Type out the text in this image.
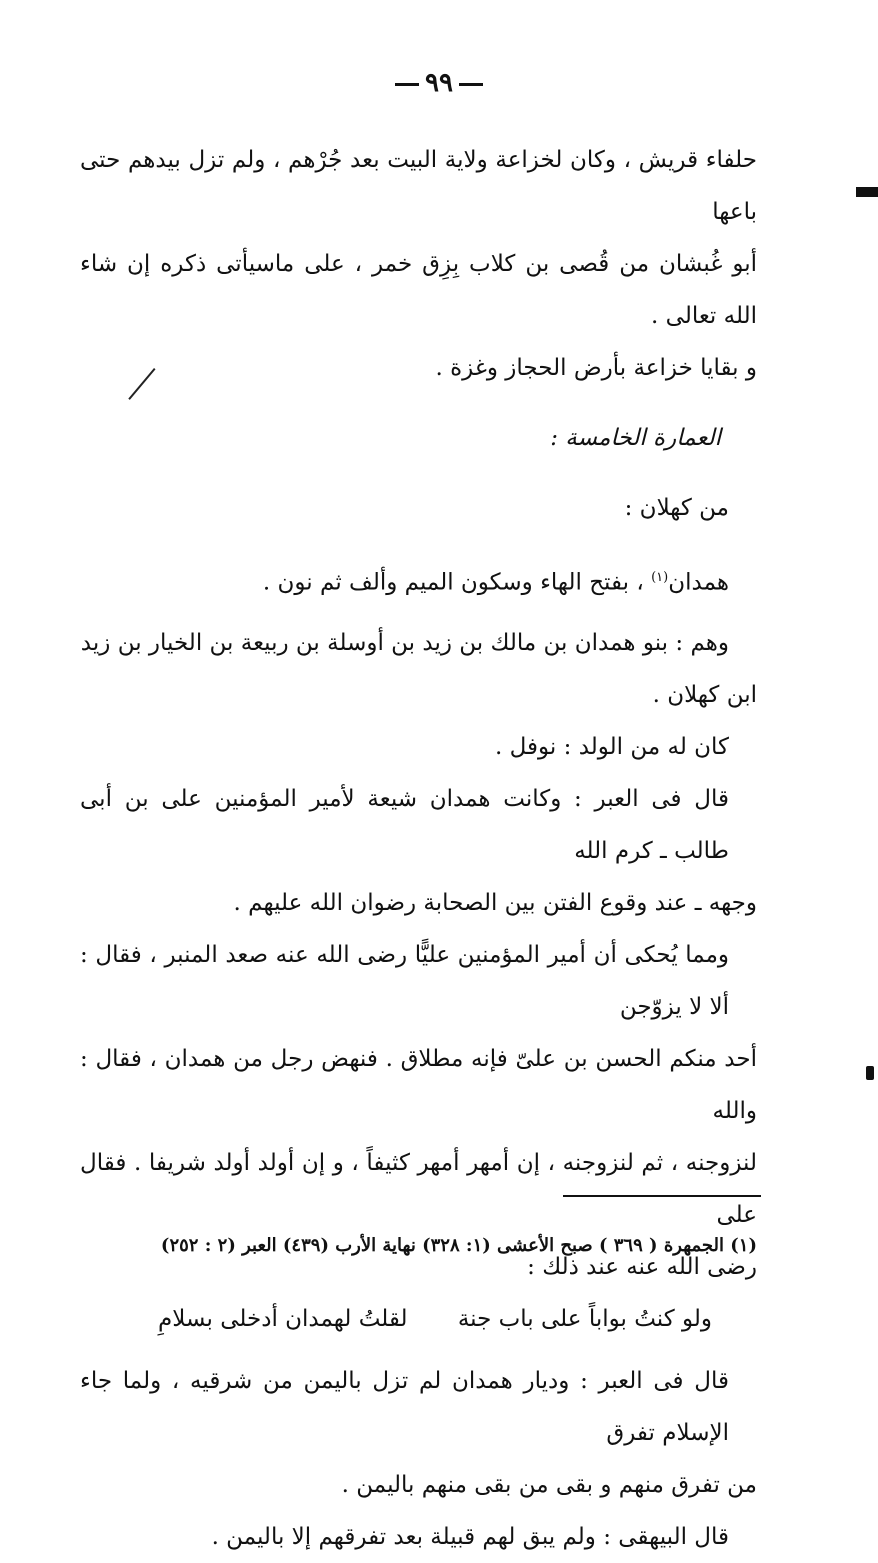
٩٩

حلفاء قريش ، وكان لخزاعة ولاية البيت بعد جُرْهم ، ولم تزل بيدهم حتى باعها

أبو غُبشان من قُصى بن كلاب بِزِق خمر ، على ماسيأتى ذكره إن شاء الله تعالى .

و بقايا خزاعة بأرض الحجاز وغزة .

العمارة الخامسة :

من كهلان :

همدان$^{(١)}$ ، بفتح الهاء وسكون الميم وألف ثم نون .

وهم : بنو همدان بن مالك بن زيد بن أوسلة بن ربيعة بن الخيار بن زيد

ابن كهلان .

كان له من الولد : نوفل .

قال فى العبر : وكانت همدان شيعة لأمير المؤمنين على بن أبى طالب ـ كرم الله

وجهه ـ عند وقوع الفتن بين الصحابة رضوان الله عليهم .

ومما يُحكى أن أمير المؤمنين عليًّا رضى الله عنه صعد المنبر ، فقال : ألا لا يزوّجن

أحد منكم الحسن بن علىّ فإنه مطلاق . فنهض رجل من همدان ، فقال : والله

لنزوجنه ، ثم لنزوجنه ، إن أمهر أمهر كثيفاً ، و إن أولد أولد شريفا . فقال على

رضى الله عنه عند ذلك :

ولو كنتُ بواباً على باب جنة
لقلتُ لهمدان أدخلى بسلامِ

قال فى العبر : وديار همدان لم تزل باليمن من شرقيه ، ولما جاء الإسلام تفرق

من تفرق منهم و بقى من بقى منهم باليمن .

قال البيهقى : ولم يبق لهم قبيلة بعد تفرقهم إلا باليمن .

(١) الجمهرة ( ٣٦٩ ) صبح الأعشى (١: ٣٢٨) نهاية الأرب (٤٣٩) العبر (٢ : ٢٥٢)
